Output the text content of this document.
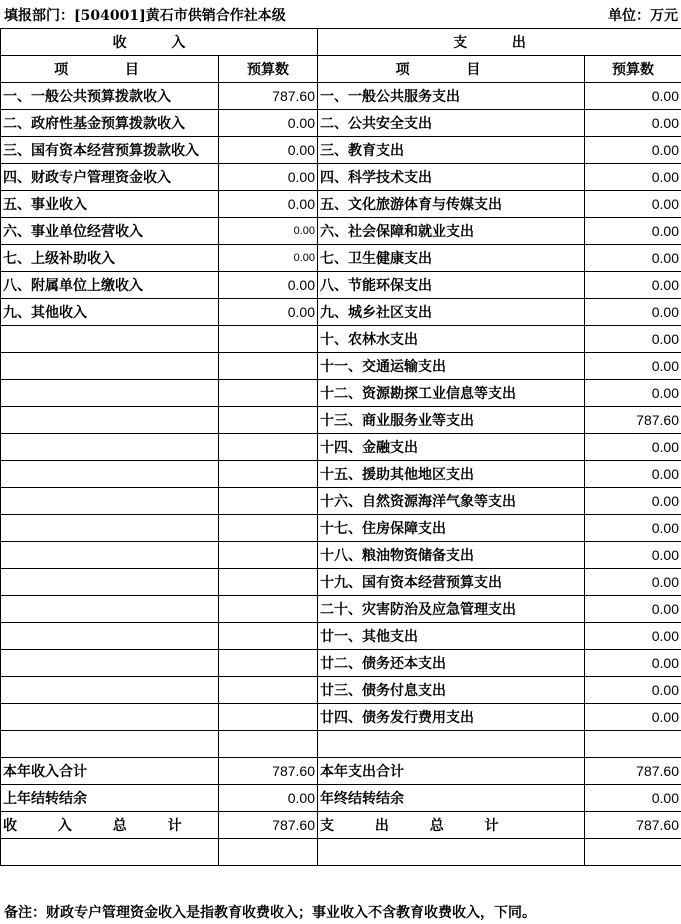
填报部门：[504001]黄石市供销合作社本级	单位：万元
收 入		支 出	
项 目	预算数	项 目	预算数
一、一般公共预算拨款收入	787.60	一、一般公共服务支出	0.00
二、政府性基金预算拨款收入	0.00	二、公共安全支出	0.00
三、国有资本经营预算拨款收入	0.00	三、教育支出	0.00
四、财政专户管理资金收入	0.00	四、科学技术支出	0.00
五、事业收入	0.00	五、文化旅游体育与传媒支出	0.00
六、事业单位经营收入	0.00	六、社会保障和就业支出	0.00
七、上级补助收入	0.00	七、卫生健康支出	0.00
八、附属单位上缴收入	0.00	八、节能环保支出	0.00
九、其他收入	0.00	九、城乡社区支出	0.00
		十、农林水支出	0.00
		十一、交通运输支出	0.00
		十二、资源勘探工业信息等支出	0.00
		十三、商业服务业等支出	787.60
		十四、金融支出	0.00
		十五、援助其他地区支出	0.00
		十六、自然资源海洋气象等支出	0.00
		十七、住房保障支出	0.00
		十八、粮油物资储备支出	0.00
		十九、国有资本经营预算支出	0.00
		二十、灾害防治及应急管理支出	0.00
		廿一、其他支出	0.00
		廿二、债务还本支出	0.00
		廿三、债务付息支出	0.00
		廿四、债务发行费用支出	0.00

本年收入合计	787.60	本年支出合计	787.60
上年结转结余	0.00	年终结转结余	0.00
收 入 总 计	787.60	支 出 总 计	787.60

备注：财政专户管理资金收入是指教育收费收入；事业收入不含教育收费收入，下同。
